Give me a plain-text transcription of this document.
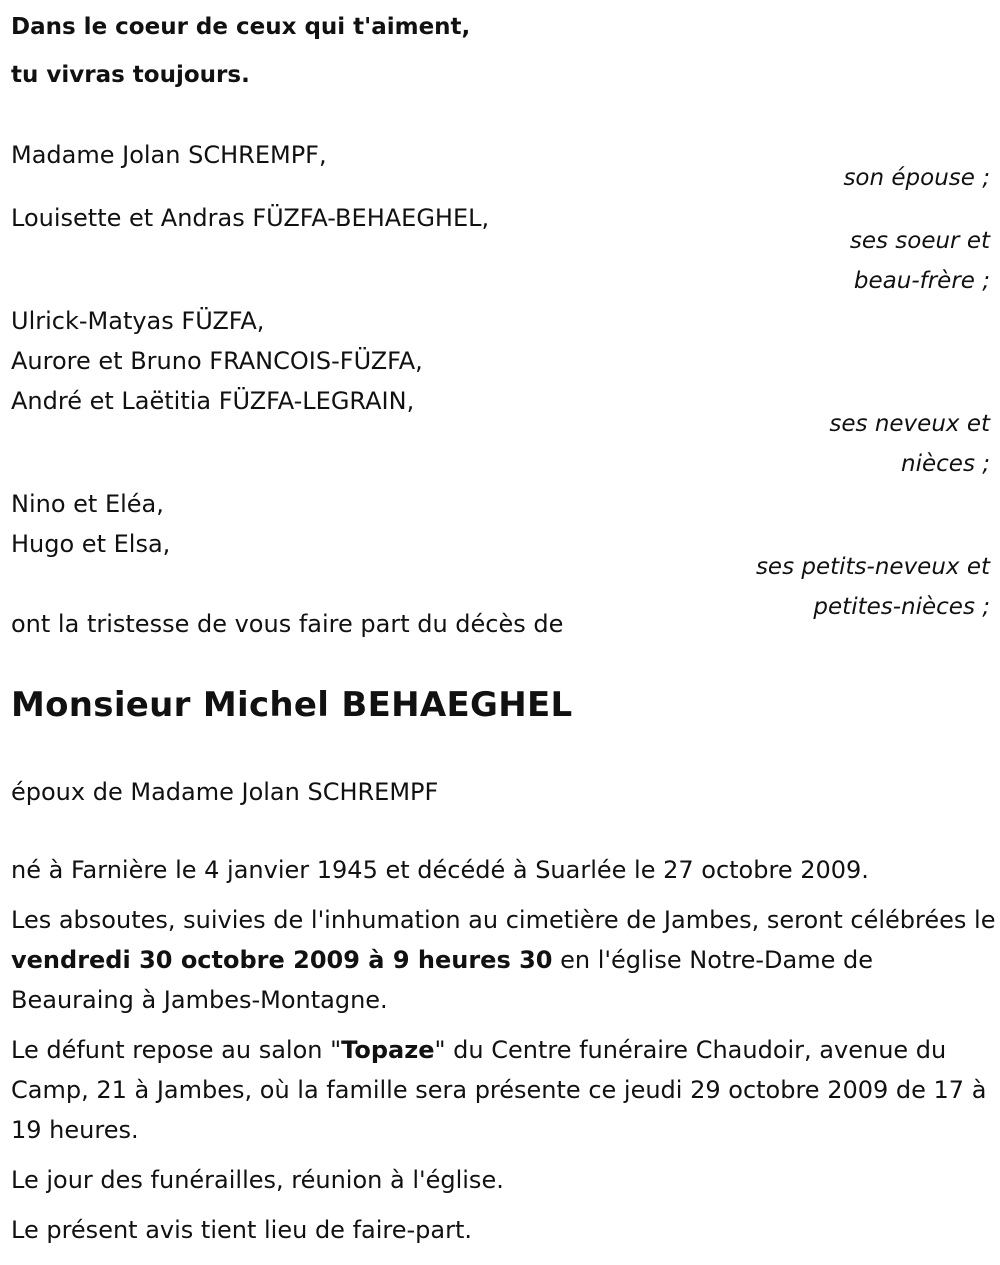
Dans le coeur de ceux qui t'aiment,
tu vivras toujours.
Madame Jolan SCHREMPF,
son épouse ;
Louisette et Andras FÜZFA-BEHAEGHEL,
ses soeur et
beau-frère ;
Ulrick-Matyas FÜZFA,
Aurore et Bruno FRANCOIS-FÜZFA,
André et Laëtitia FÜZFA-LEGRAIN,
ses neveux et
nièces ;
Nino et Eléa,
Hugo et Elsa,
ses petits-neveux et
petites-nièces ;
ont la tristesse de vous faire part du décès de
Monsieur Michel BEHAEGHEL
époux de Madame Jolan SCHREMPF
né à Farnière le 4 janvier 1945 et décédé à Suarlée le 27 octobre 2009.
Les absoutes, suivies de l'inhumation au cimetière de Jambes, seront célébrées le vendredi 30 octobre 2009 à 9 heures 30 en l'église Notre-Dame de Beauraing à Jambes-Montagne.
Le défunt repose au salon "Topaze" du Centre funéraire Chaudoir, avenue du Camp, 21 à Jambes, où la famille sera présente ce jeudi 29 octobre 2009 de 17 à 19 heures.
Le jour des funérailles, réunion à l'église.
Le présent avis tient lieu de faire-part.
